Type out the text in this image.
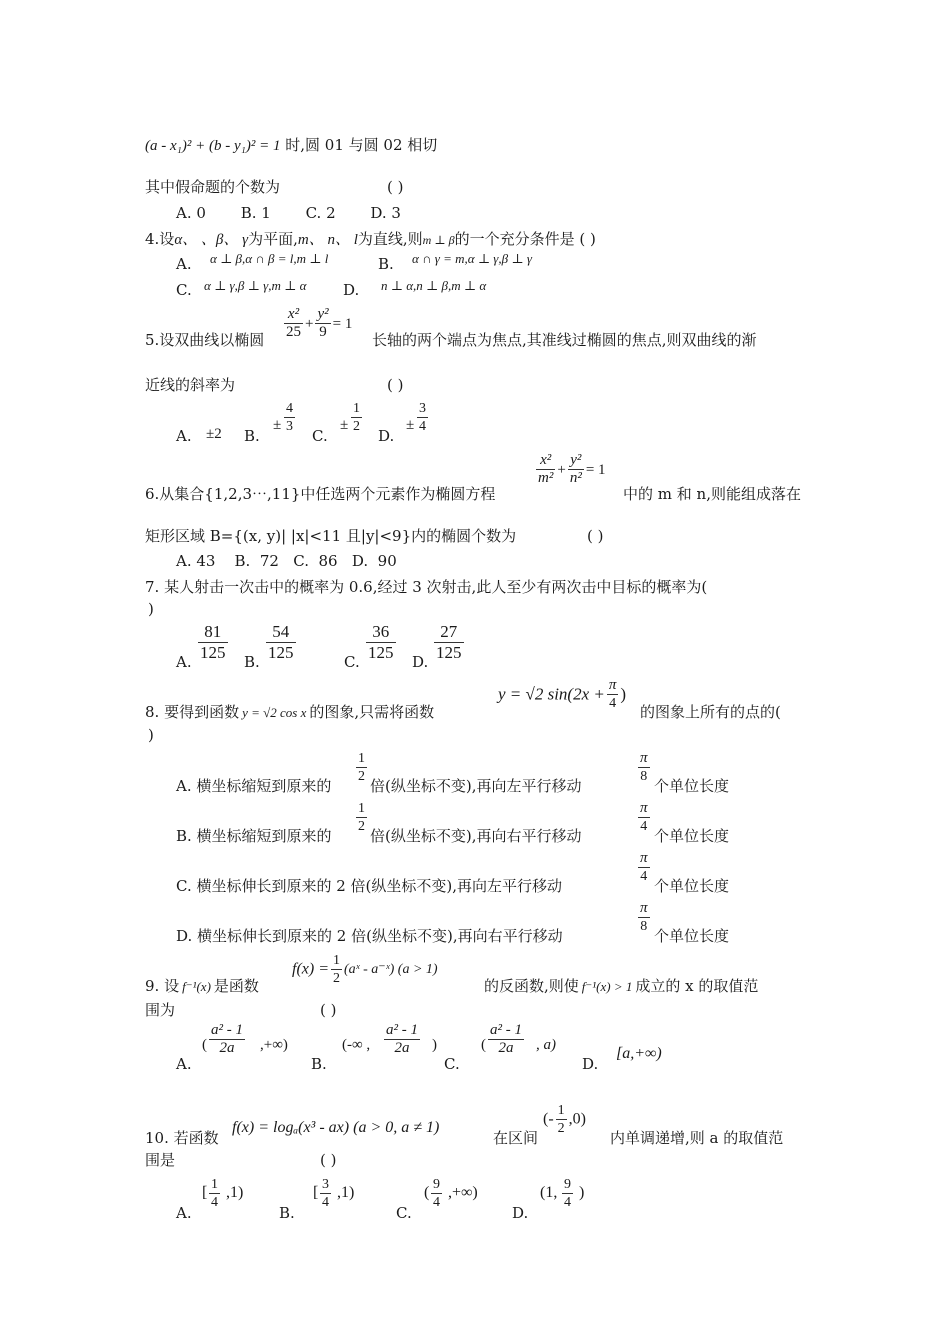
(a - x₁)² + (b - y₁)² = 1 时,圆 01 与圆 02 相切
其中假命题的个数为	( )
A. 0 B. 1 C. 2 D. 3
4.设α、 、β、 γ为平面,m、 n、 l为直线,则m ⊥ β的一个充分条件是 ( )
A. α ⊥ β,α ∩ β = l,m ⊥ l	B. α ∩ γ = m,α ⊥ γ,β ⊥ γ
C. α ⊥ γ,β ⊥ γ,m ⊥ α D. n ⊥ α,n ⊥ β,m ⊥ α
5.设双曲线以椭圆 $\frac{\text{x²}}{25} + \frac{\text{y²}}{9} = 1$
长轴的两个端点为焦点,其准线过椭圆的焦点,则双曲线的渐
近线的斜率为	( )
A. ±2 B.
± $\frac{4}{3}$
C.
± $\frac{1}{2}$
D.
± $\frac{3}{4}$
6.从集合{1,2,3⋯,11}中任选两个元素作为椭圆方程
$\frac{\text{x²}}{\text{m²}} + \frac{\text{y²}}{\text{n²}} = 1$
中的 m 和 n,则能组成落在
矩形区域 B={(x, y)| |x|<11 且|y|<9}内的椭圆个数为	( )
A. 43    B.  72   C.  86   D.  90
7. 某人射击一次击中的概率为 0.6,经过 3 次射击,此人至少有两次击中目标的概率为(
)
A. $\frac{81}{125} B$. $\frac{54}{125}$	C. $\frac{36}{125} D$. $\frac{27}{125}$
8. 要得到函数 y = √2 cos x 的图象,只需将函数
y = √2 $\sin(2x + \frac{\pi}{4}$ )
的图象上所有的点的(
)
A. 横坐标缩短到原来的
$\frac{1}{2}$
倍(纵坐标不变),再向左平行移动
$\frac{\pi}{8}$
个单位长度
B. 横坐标缩短到原来的
$\frac{1}{2}$
倍(纵坐标不变),再向右平行移动
$\frac{\pi}{4}$
个单位长度
C. 横坐标伸长到原来的 2 倍(纵坐标不变),再向左平行移动
$\frac{\pi}{4}$
个单位长度
D. 横坐标伸长到原来的 2 倍(纵坐标不变),再向右平行移动
$\frac{\pi}{8}$
个单位长度
9. 设 f⁻¹(x) 是函数
$f(x) = \frac{1}{2}$ (aˣ - a⁻ˣ) (a > 1)
的反函数,则使 f⁻¹(x) > 1 成立的 x 的取值范
围为	( )
A.
( $\frac{\text{a² - 1}}{2a}$ ,+∞)
B.
(-∞ , $\frac{\text{a² - 1}}{2a}$ )
C.
( $\frac{\text{a² - 1}}{2a}$ , a)
D.
[a,+∞)
10. 若函数
f(x) = logₐ(x³ - ax) (a > 0, a ≠ 1)
在区间
(- $\frac{1}{2} ,0$)
内单调递增,则 a 的取值范
围是	( )
A.
[ $\frac{1}{4} ,1$)
B.
[ $\frac{3}{4} ,1$)
C.
( $\frac{9}{4}$ ,+∞)
D.
(1, $\frac{9}{4}$ )
